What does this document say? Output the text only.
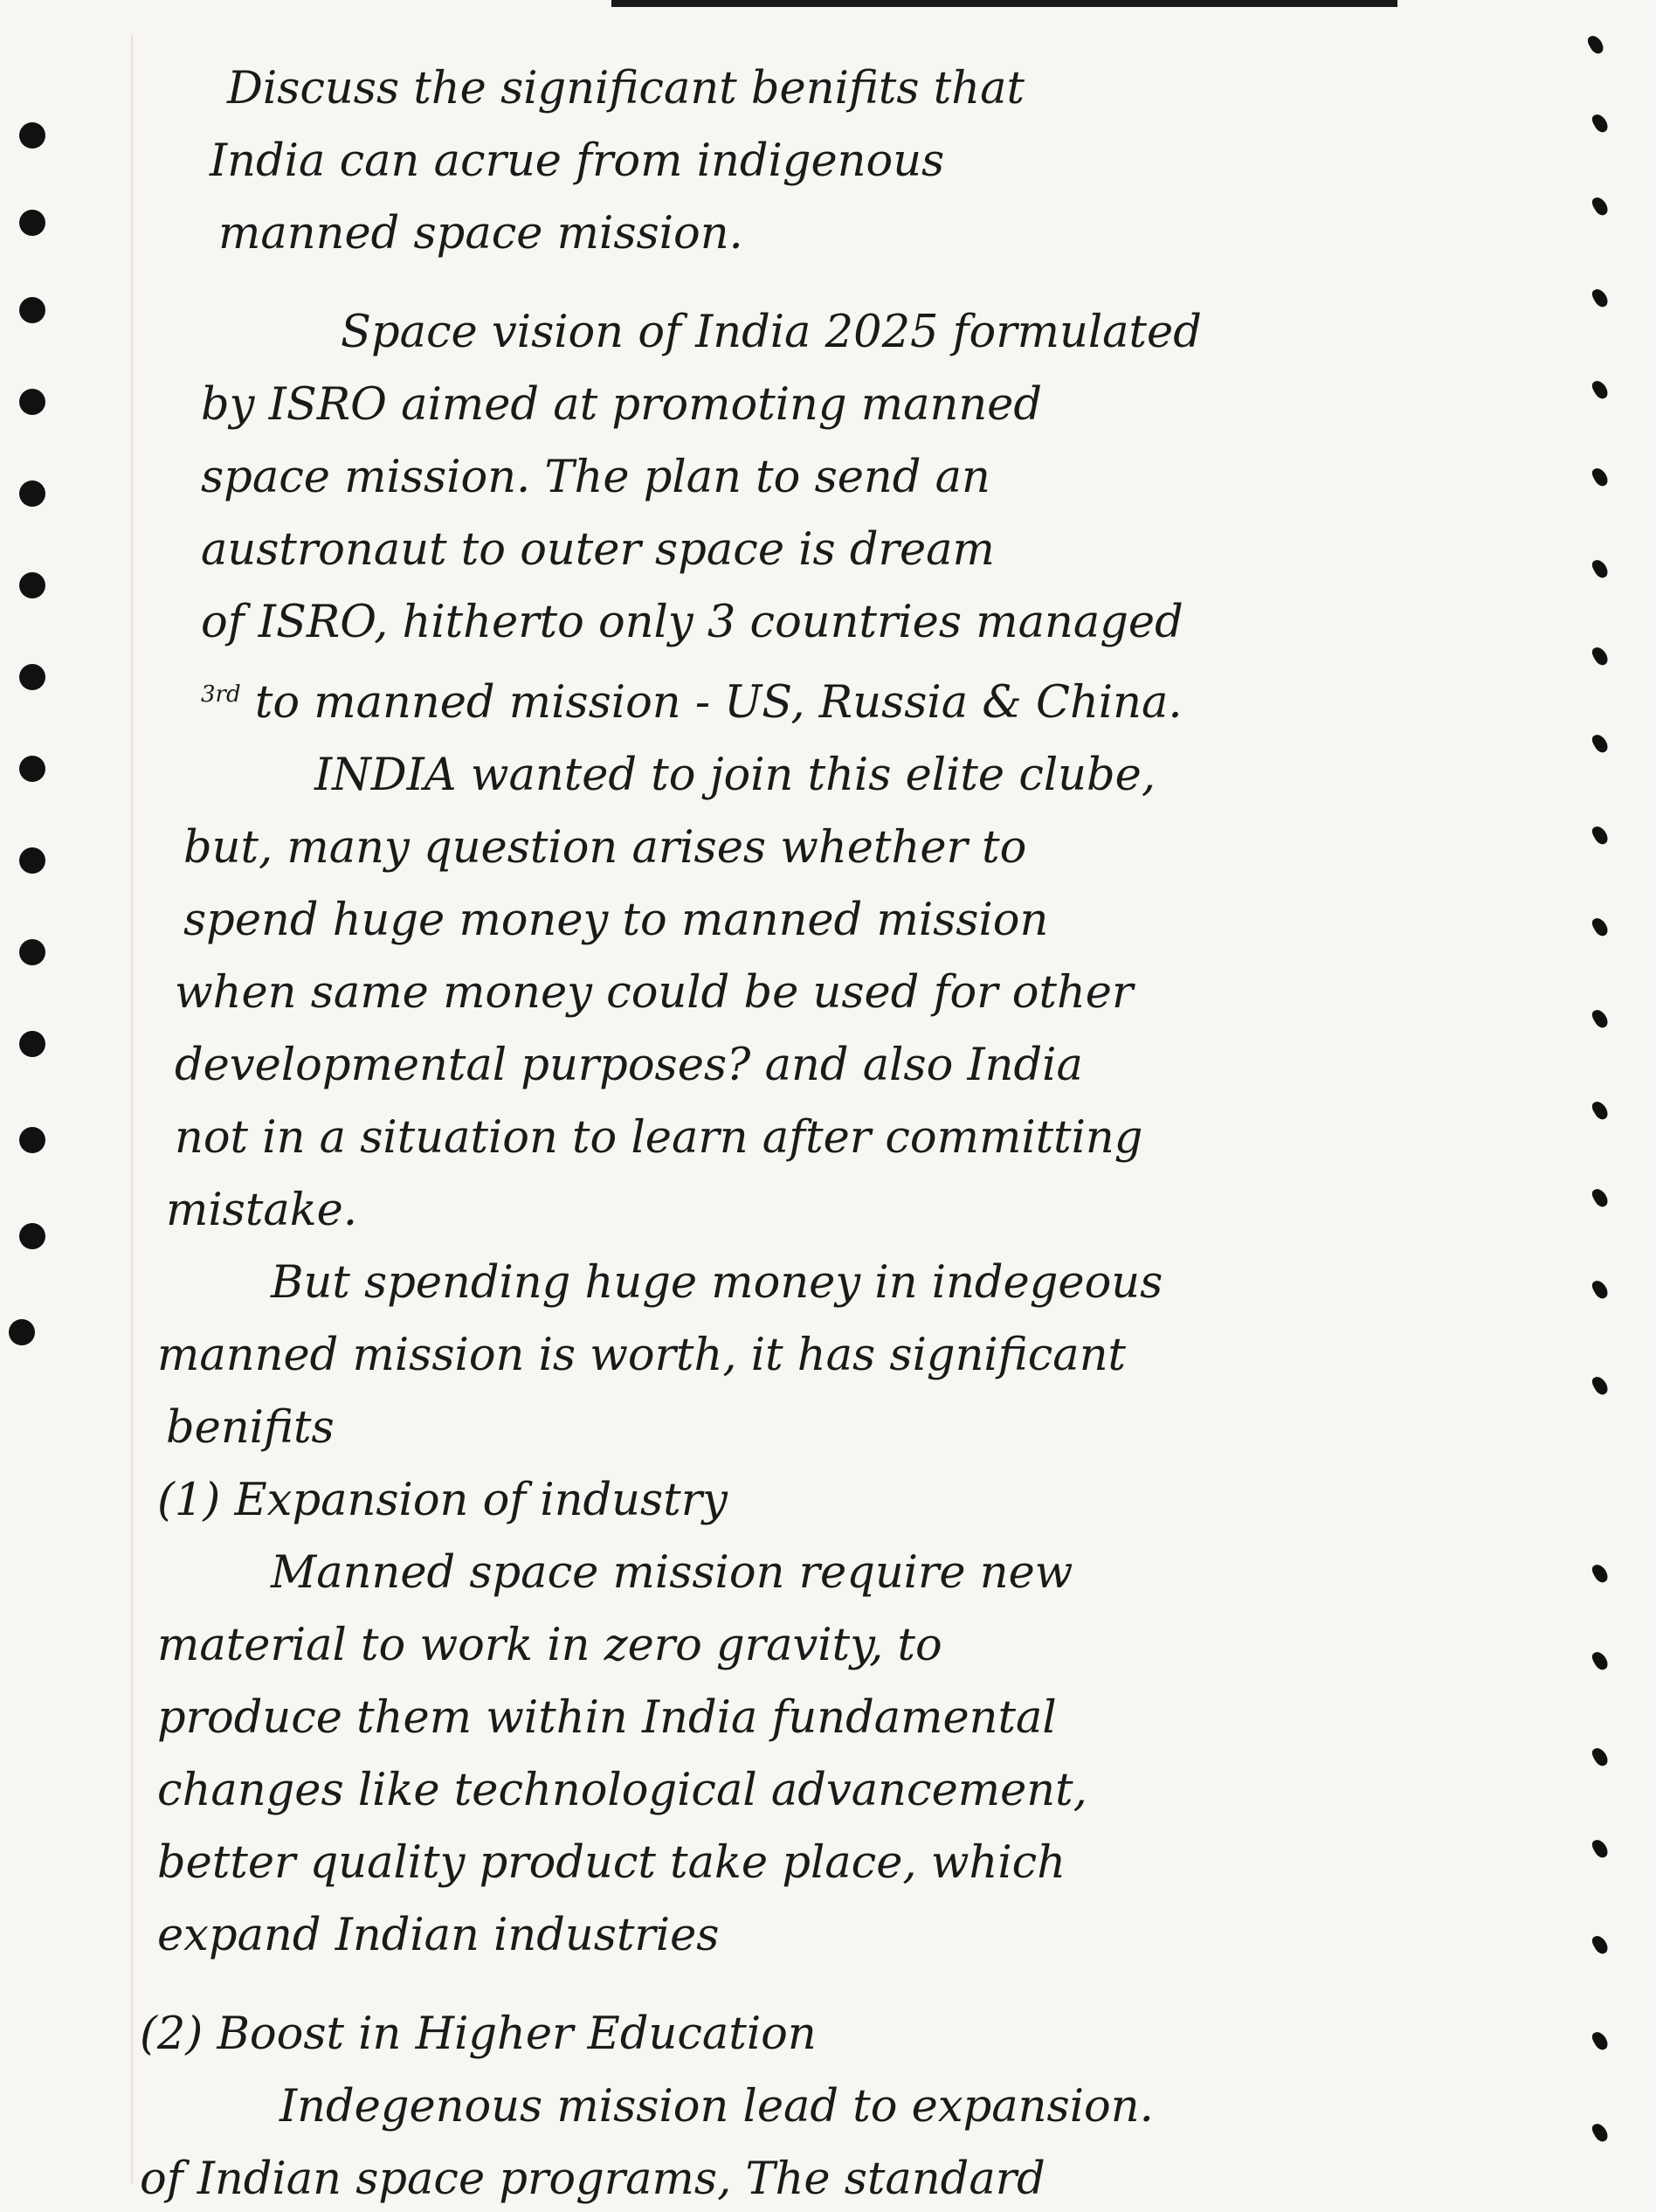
Discuss the significant benifits that
India can acrue from indigenous
manned space mission.
Space vision of India 2025 formulated
by ISRO aimed at promoting manned
space mission. The plan to send an
austronaut to outer space is dream
of ISRO, hitherto only 3 countries managed
$^{3rd}$ to manned mission - US, Russia & China.
INDIA wanted to join this elite clube,
but, many question arises whether to
spend huge money to manned mission
when same money could be used for other
developmental purposes? and also India
not in a situation to learn after committing
mistake.
But spending huge money in indegeous
manned mission is worth, it has significant
benifits
(1) Expansion of industry
Manned space mission require new
material to work in zero gravity, to
produce them within India fundamental
changes like technological advancement,
better quality product take place, which
expand Indian industries
(2) Boost in Higher Education
Indegenous mission lead to expansion.
of Indian space programs, The standard
